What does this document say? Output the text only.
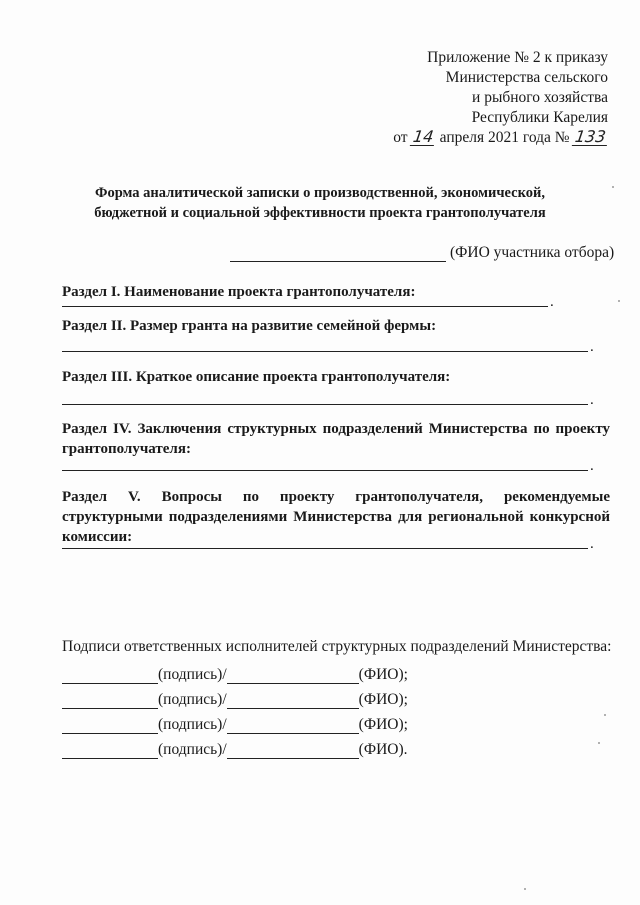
Приложение № 2 к приказу
Министерства сельского
и рыбного хозяйства
Республики Карелия
от 14 апреля 2021 года № 133
Форма аналитической записки о производственной, экономической,
бюджетной и социальной эффективности проекта грантополучателя
(ФИО участника отбора)
Раздел I. Наименование проекта грантополучателя:
.
Раздел II. Размер гранта на развитие семейной фермы:
.
Раздел III. Краткое описание проекта грантополучателя:
.
Раздел IV. Заключения структурных подразделений Министерства по проекту грантополучателя:
.
Раздел V. Вопросы по проекту грантополучателя, рекомендуемые структурными подразделениями Министерства для региональной конкурсной комиссии:	.
Подписи ответственных исполнителей структурных подразделений Министерства:
(подпись)/	(ФИО);
(подпись)/	(ФИО);
(подпись)/	(ФИО);
(подпись)/	(ФИО).
